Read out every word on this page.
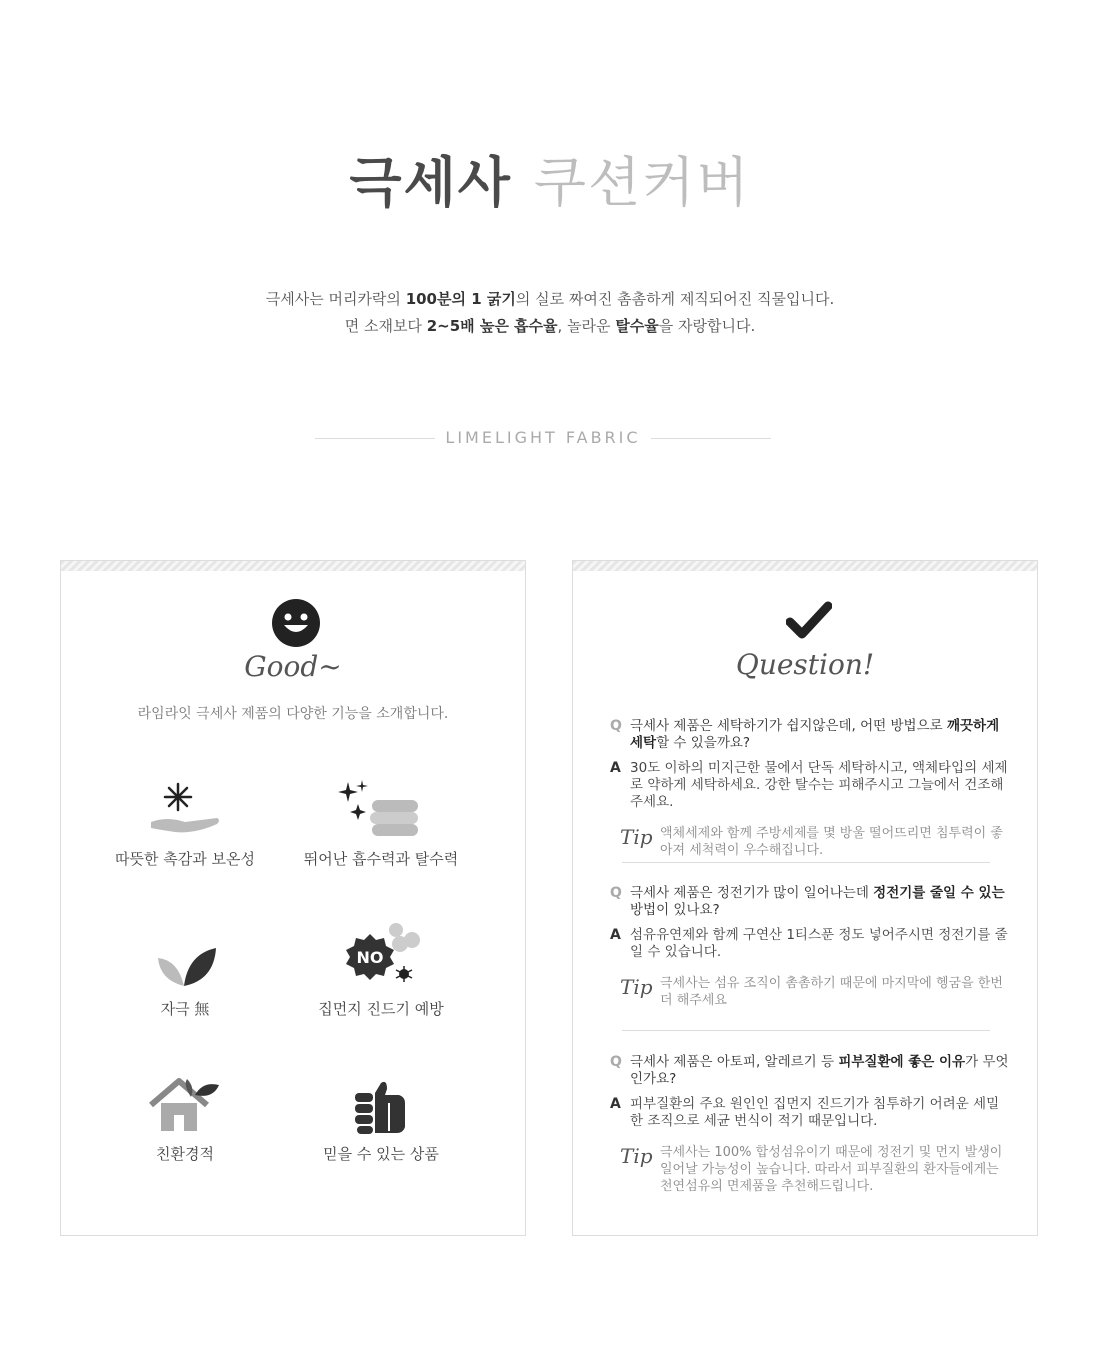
극세사 쿠션커버
극세사는 머리카락의 100분의 1 굵기의 실로 짜여진 촘촘하게 제직되어진 직물입니다.
면 소재보다 2~5배 높은 흡수율, 놀라운 탈수율을 자랑합니다.
LIMELIGHT FABRIC
Good~
라임라잇 극세사 제품의 다양한 기능을 소개합니다.
따뜻한 촉감과 보온성	뛰어난 흡수력과 탈수력
자극 無
NO
집먼지 진드기 예방
친환경적	믿을 수 있는 상품
Question!
Q 극세사 제품은 세탁하기가 쉽지않은데, 어떤 방법으로 깨끗하게 세탁할 수 있을까요?
A 30도 이하의 미지근한 물에서 단독 세탁하시고, 액체타입의 세제로 약하게 세탁하세요. 강한 탈수는 피해주시고 그늘에서 건조해주세요.
Tip 액체세제와 함께 주방세제를 몇 방울 떨어뜨리면 침투력이 좋아져 세척력이 우수해집니다.
Q 극세사 제품은 정전기가 많이 일어나는데 정전기를 줄일 수 있는 방법이 있나요?
A 섬유유연제와 함께 구연산 1티스푼 정도 넣어주시면 정전기를 줄일 수 있습니다.
Tip 극세사는 섬유 조직이 촘촘하기 때문에 마지막에 헹굼을 한번 더 해주세요
Q 극세사 제품은 아토피, 알레르기 등 피부질환에 좋은 이유가 무엇인가요?
A 피부질환의 주요 원인인 집먼지 진드기가 침투하기 어려운 세밀한 조직으로 세균 번식이 적기 때문입니다.
Tip 극세사는 100% 합성섬유이기 때문에 정전기 및 먼지 발생이 일어날 가능성이 높습니다. 따라서 피부질환의 환자들에게는 천연섬유의 면제품을 추천해드립니다.
